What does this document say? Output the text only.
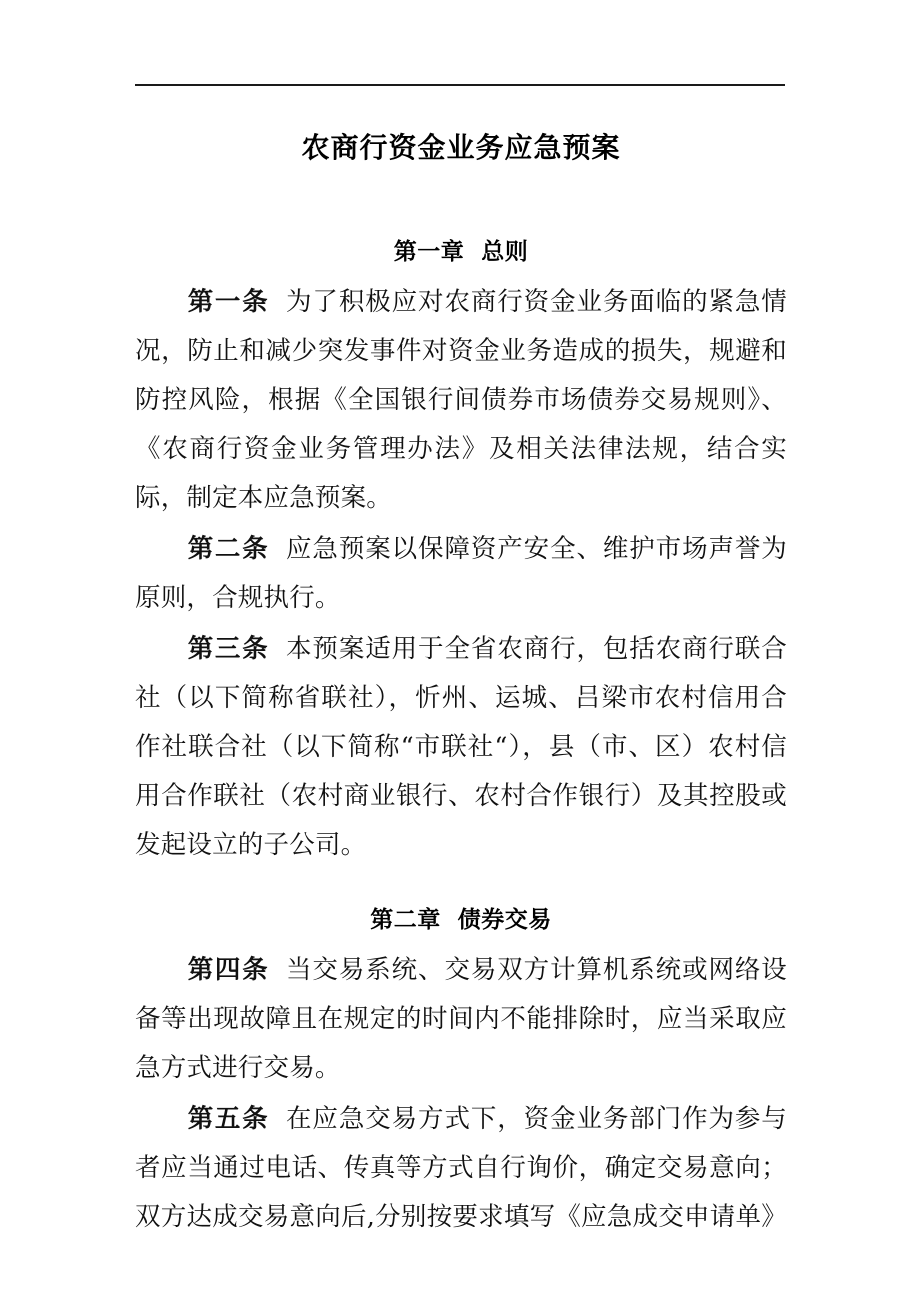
农商行资金业务应急预案
第一章  总则

第一条 为了积极应对农商行资金业务面临的紧急情况，防止和减少突发事件对资金业务造成的损失，规避和防控风险，根据《全国银行间债券市场债券交易规则》、《农商行资金业务管理办法》及相关法律法规，结合实际，制定本应急预案。

第二条 应急预案以保障资产安全、维护市场声誉为原则，合规执行。

第三条 本预案适用于全省农商行，包括农商行联合社（以下简称省联社），忻州、运城、吕梁市农村信用合作社联合社（以下简称“市联社“），县（市、区）农村信用合作联社（农村商业银行、农村合作银行）及其控股或发起设立的子公司。

第二章  债券交易

第四条 当交易系统、交易双方计算机系统或网络设备等出现故障且在规定的时间内不能排除时，应当采取应急方式进行交易。

第五条 在应急交易方式下，资金业务部门作为参与者应当通过电话、传真等方式自行询价，确定交易意向；双方达成交易意向后,分别按要求填写《应急成交申请单》
